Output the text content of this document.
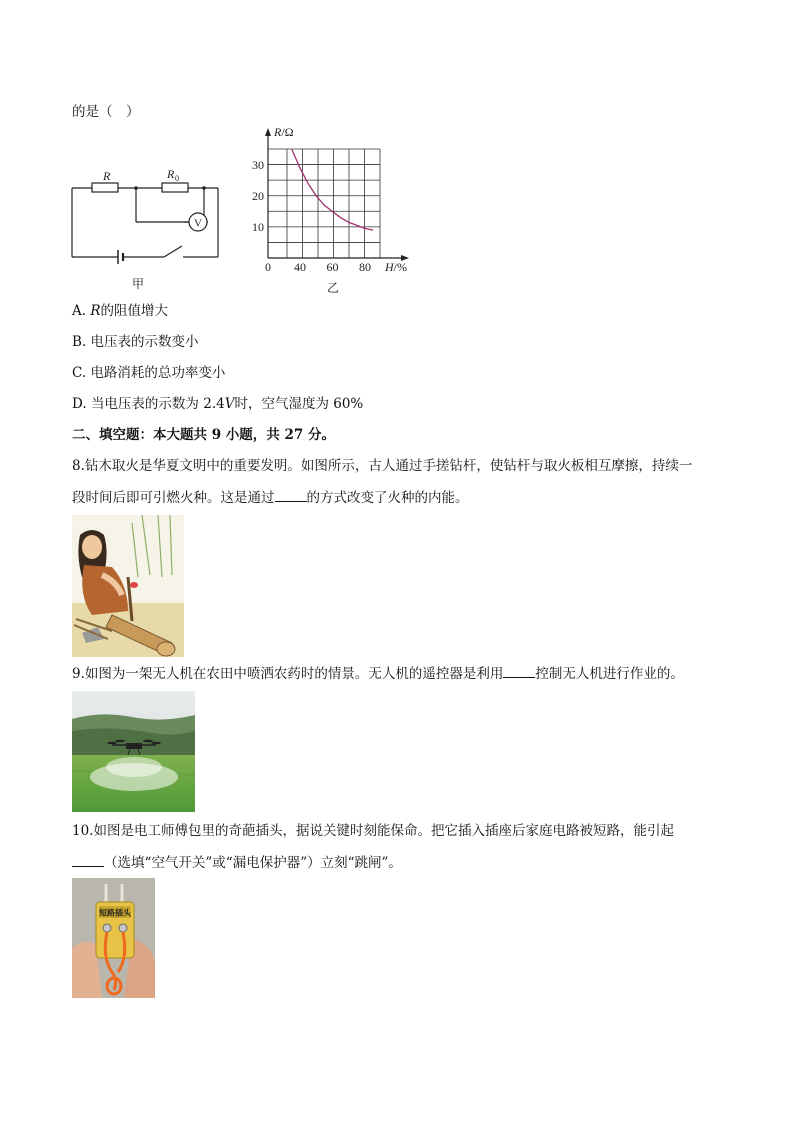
的是（　）
V
R	R 0
甲
10
20
30
0 40 60 80
R/Ω
H/%
乙
A. R的阻值增大
B. 电压表的示数变小
C. 电路消耗的总功率变小
D. 当电压表的示数为 2.4V时，空气湿度为 60%
二、填空题：本大题共 9 小题，共 27 分。
8.钻木取火是华夏文明中的重要发明。如图所示，古人通过手搓钻杆，使钻杆与取火板相互摩擦，持续一
段时间后即可引燃火种。这是通过 的方式改变了火种的内能。
9.如图为一架无人机在农田中喷洒农药时的情景。无人机的遥控器是利用 控制无人机进行作业的。
10.如图是电工师傅包里的奇葩插头，据说关键时刻能保命。把它插入插座后家庭电路被短路，能引起
（选填“空气开关”或“漏电保护器”）立刻“跳闸”。
短路插头
